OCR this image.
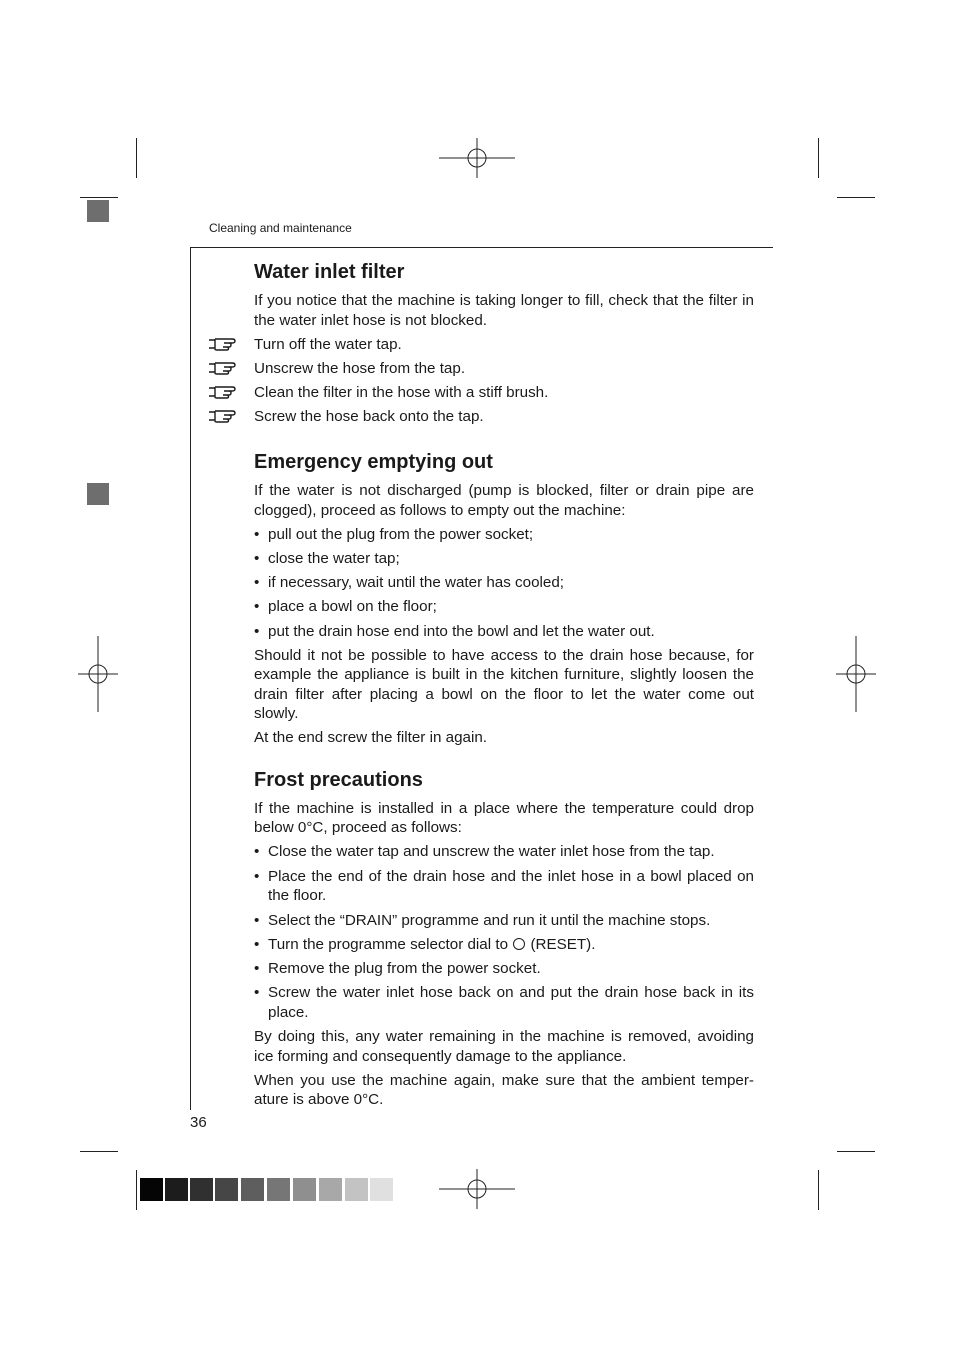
Cleaning and maintenance
Water inlet filter

If you notice that the machine is taking longer to fill, check that the filter in the water inlet hose is not blocked.

Turn off the water tap.
Unscrew the hose from the tap.
Clean the filter in the hose with a stiff brush.
Screw the hose back onto the tap.
Emergency emptying out

If the water is not discharged (pump is blocked, filter or drain pipe are clogged), proceed as follows to empty out the machine:

• pull out the plug from the power socket;
• close the water tap;
• if necessary, wait until the water has cooled;
• place a bowl on the floor;
• put the drain hose end into the bowl and let the water out.

Should it not be possible to have access to the drain hose because, for example the appliance is built in the kitchen furniture, slightly loosen the drain filter after placing a bowl on the floor to let the water come out slowly.

At the end screw the filter in again.

Frost precautions

If the machine is installed in a place where the temperature could drop below 0°C, proceed as follows:

• Close the water tap and unscrew the water inlet hose from the tap.
• Place the end of the drain hose and the inlet hose in a bowl placed on the floor.
• Select the “DRAIN” programme and run it until the machine stops.
• Turn the programme selector dial to (RESET).
• Remove the plug from the power socket.
• Screw the water inlet hose back on and put the drain hose back in its place.

By doing this, any water remaining in the machine is removed, avoiding ice forming and consequently damage to the appliance.

When you use the machine again, make sure that the ambient temper-ature is above 0°C.

36
